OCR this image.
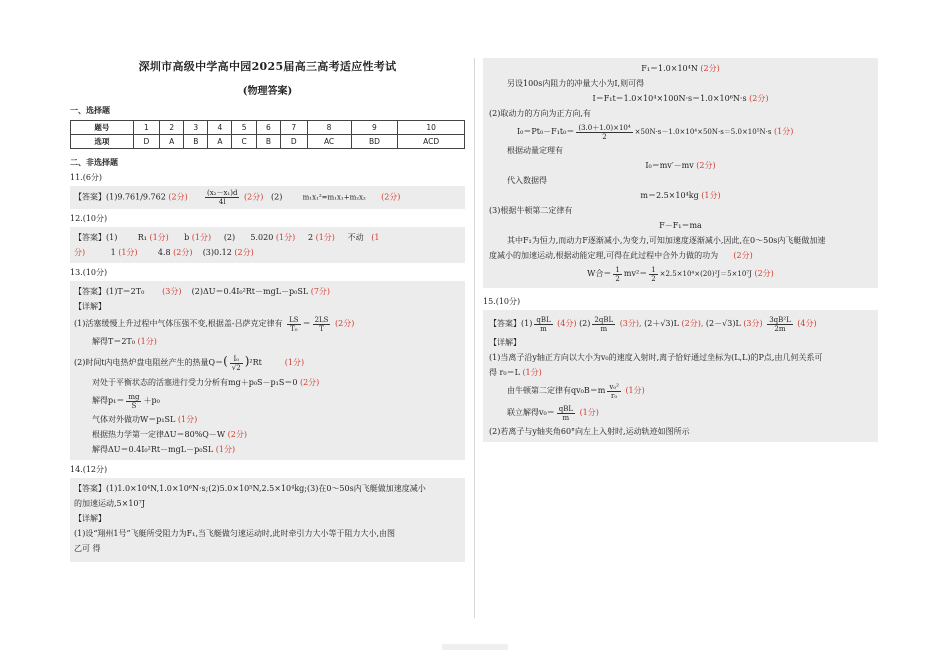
深圳市高级中学高中园2025届高三高考适应性考试
(物理答案)
一、选择题
题号	1	2	3	4	5	6	7	8	9	10
选项	D	A	B	A	C	B	D	AC	BD	ACD
二、非选择题
11.(6分)
【答案】(1)9.761/9.762 (2分) $\frac{\text{(x₂－x₁)d}}{4l} (2$分) (2)	m₁x₁²=m₁x₁+m₂x₂ (2分)
12.(10分)
【答案】(1)	R₁ (1分) b (1分) (2) 5.020 (1分) 2 (1分) 不动 (1
分)	1 (1分)	4.8 (2分) (3)0.12 (2分)
13.(10分)
【答案】(1)T＝2T₀ (3分) (2)ΔU＝0.4I₀²Rt－mgL－p₀SL (7分)
【详解】
(1)活塞缓慢上升过程中气体压强不变,根据盖-吕萨克定律有 $\frac{LS}{\text{T₀}} = \frac{2LS}{T} (2$分)
解得T＝2T₀ (1分)
(2)时间t内电热炉盘电阻丝产生的热量$Q=( \frac{\text{I₀}}{√2} )^2Rt$	(1分)
对处于平衡状态的活塞进行受力分析有mg＋p₀S－p₁S＝0 (2分)
解得$p_1= \frac{mg}{S} +p_0$
气体对外做功W＝p₁SL (1分)
根据热力学第一定律ΔU＝80%Q－W (2分)
解得ΔU＝0.4I₀²Rt－mgL－p₀SL (1分)
14.(12分)
【答案】(1)1.0×10⁴N,1.0×10⁶N·s;(2)5.0×10⁵N,2.5×10⁴kg;(3)在0～50s内飞艇做加速度减小
的加速运动,5×10⁷J
【详解】
(1)设“翔州1号”飞艇所受阻力为F₁,当飞艇做匀速运动时,此时牵引力大小等于阻力大小,由图
乙可 得
F₁＝1.0×10⁴N (2分)
另设100s内阻力的冲量大小为I,则可得
I＝F₁t＝1.0×10⁴×100N·s＝1.0×10⁶N·s (2分)
(2)取动力的方向为正方向,有
$I_0=Pt_0-F_1t_0= \frac{\text{(3.0＋1.0)×10⁴}}{2} \times 50N\cdot s-1.0\times 10^4\times 50N\cdot s=5.0\times 10^5N\cdot s$ (1分)
根据动量定理有
I₀＝mv′－mv (2分)
代入数据得
m＝2.5×10⁴kg (1分)
(3)根据牛顿第二定律有
F－F₁＝ma
其中F₁为恒力,而动力F逐渐减小,为变力,可知加速度逐渐减小,因此,在0～50s内飞艇做加速
度减小的加速运动,根据动能定理,可得在此过程中合外力做的功为 (2分)
W合＝ $\frac{1}{2} mv^2= \frac{1}{2} \times 2.5\times 10^4\times(20)^2J=5\times 10^7J$ (2分)
15.(10分)
【答案】$(1) \frac{\text{qBL}}{m} (4$分) $(2) \frac{\text{2qBL}}{m} (3$分), (2＋√3)L (2分), (2－√3)L (3分) $\frac{\text{3qB²L}}{2m} (4$分)
【详解】
(1)当离子沿y轴正方向以大小为v₀的速度入射时,离子恰好通过坐标为(L,L)的P点,由几何关系可
得 r₀＝L (1分)
由牛顿第二定律有$qv_0B=m \frac{\text{v₀²}}{\text{r₀}} (1$分)
联立解得$v_0= \frac{\text{qBL}}{m} (1$分)
(2)若离子与y轴夹角60°向左上入射时,运动轨迹如图所示
